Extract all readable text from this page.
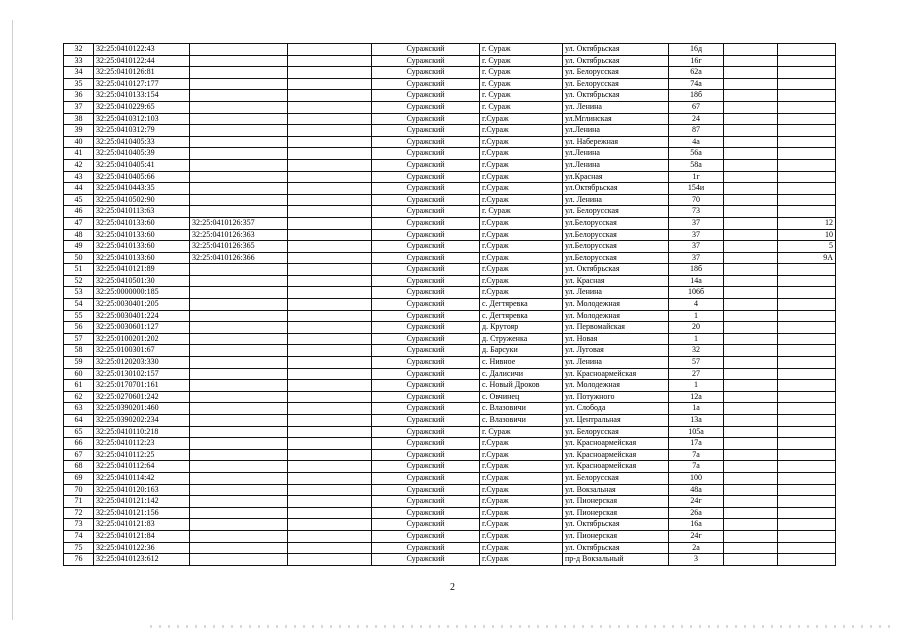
32	32:25:0410122:43			Суражский	г. Сураж	ул. Октябрьская	16д		
33	32:25:0410122:44			Суражский	г. Сураж	ул. Октябрьская	16г		
34	32:25:0410126:81			Суражский	г. Сураж	ул. Белорусская	62а		
35	32:25:0410127:177			Суражский	г. Сураж	ул. Белорусская	74а		
36	32:25:0410133:154			Суражский	г. Сураж	ул. Октябрьская	18б		
37	32:25:0410229:65			Суражский	г. Сураж	ул. Ленина	67		
38	32:25:0410312:103			Суражский	г.Сураж	ул.Мглинская	24		
39	32:25:0410312:79			Суражский	г.Сураж	ул.Ленина	87		
40	32:25:0410405:33			Суражский	г.Сураж	ул. Набережная	4а		
41	32:25:0410405:39			Суражский	г.Сураж	ул.Ленина	56а		
42	32:25:0410405:41			Суражский	г.Сураж	ул.Ленина	58а		
43	32:25:0410405:66			Суражский	г.Сураж	ул.Красная	1г		
44	32:25:0410443:35			Суражский	г.Сураж	ул.Октябрьская	154и		
45	32:25:0410502:90			Суражский	г.Сураж	ул. Ленина	70		
46	32:25:0410113:63			Суражский	г. Сураж	ул. Белорусская	73		
47	32:25:0410133:60	32:25:0410126:357		Суражский	г.Сураж	ул.Белорусская	37		12
48	32:25:0410133:60	32:25:0410126:363		Суражский	г.Сураж	ул.Белорусская	37		10
49	32:25:0410133:60	32:25:0410126:365		Суражский	г.Сураж	ул.Белорусская	37		5
50	32:25:0410133:60	32:25:0410126:366		Суражский	г.Сураж	ул.Белорусская	37		9А
51	32:25:0410121:89			Суражский	г.Сураж	ул. Октябрьская	18б		
52	32:25:0410501:30			Суражский	г.Сураж	ул. Красная	14а		
53	32:25:0000000:185			Суражский	г.Сураж	ул. Ленина	106б		
54	32:25:0030401:205			Суражский	с. Дегтяревка	ул. Молодежная	4		
55	32:25:0030401:224			Суражский	с. Дегтяревка	ул. Молодежная	1		
56	32:25:0030601:127			Суражский	д. Крутояр	ул. Первомайская	20		
57	32:25:0100201:202			Суражский	д. Струженка	ул. Новая	1		
58	32:25:0100301:67			Суражский	д. Барсуки	ул. Луговая	32		
59	32:25:0120203:330			Суражский	с. Нивное	ул. Ленина	57		
60	32:25:0130102:157			Суражский	с. Далисичи	ул. Красноармейская	27		
61	32:25:0170701:161			Суражский	с. Новый Дроков	ул. Молодежная	1		
62	32:25:0270601:242			Суражский	с. Овчинец	ул. Потужного	12а		
63	32:25:0390201:460			Суражский	с. Влазовичи	ул. Слобода	1а		
64	32:25:0390202:234			Суражский	с. Влазовичи	ул. Центральная	13а		
65	32:25:0410110:218			Суражский	г. Сураж	ул. Белорусская	105а		
66	32:25:0410112:23			Суражский	г.Сураж	ул. Красноармейская	17а		
67	32:25:0410112:25			Суражский	г.Сураж	ул. Красноармейская	7а		
68	32:25:0410112:64			Суражский	г.Сураж	ул. Красноармейская	7а		
69	32:25:0410114:42			Суражский	г.Сураж	ул. Белорусская	100		
70	32:25:0410120:163			Суражский	г.Сураж	ул. Вокзальная	48а		
71	32:25:0410121:142			Суражский	г.Сураж	ул. Пионерская	24г		
72	32:25:0410121:156			Суражский	г.Сураж	ул. Пионерская	26а		
73	32:25:0410121:83			Суражский	г.Сураж	ул. Октябрьская	16а		
74	32:25:0410121:84			Суражский	г.Сураж	ул. Пионерская	24г		
75	32:25:0410122:36			Суражский	г.Сураж	ул. Октябрьская	2а		
76	32:25:0410123:612			Суражский	г.Сураж	пр-д Вокзальный	3		
2
